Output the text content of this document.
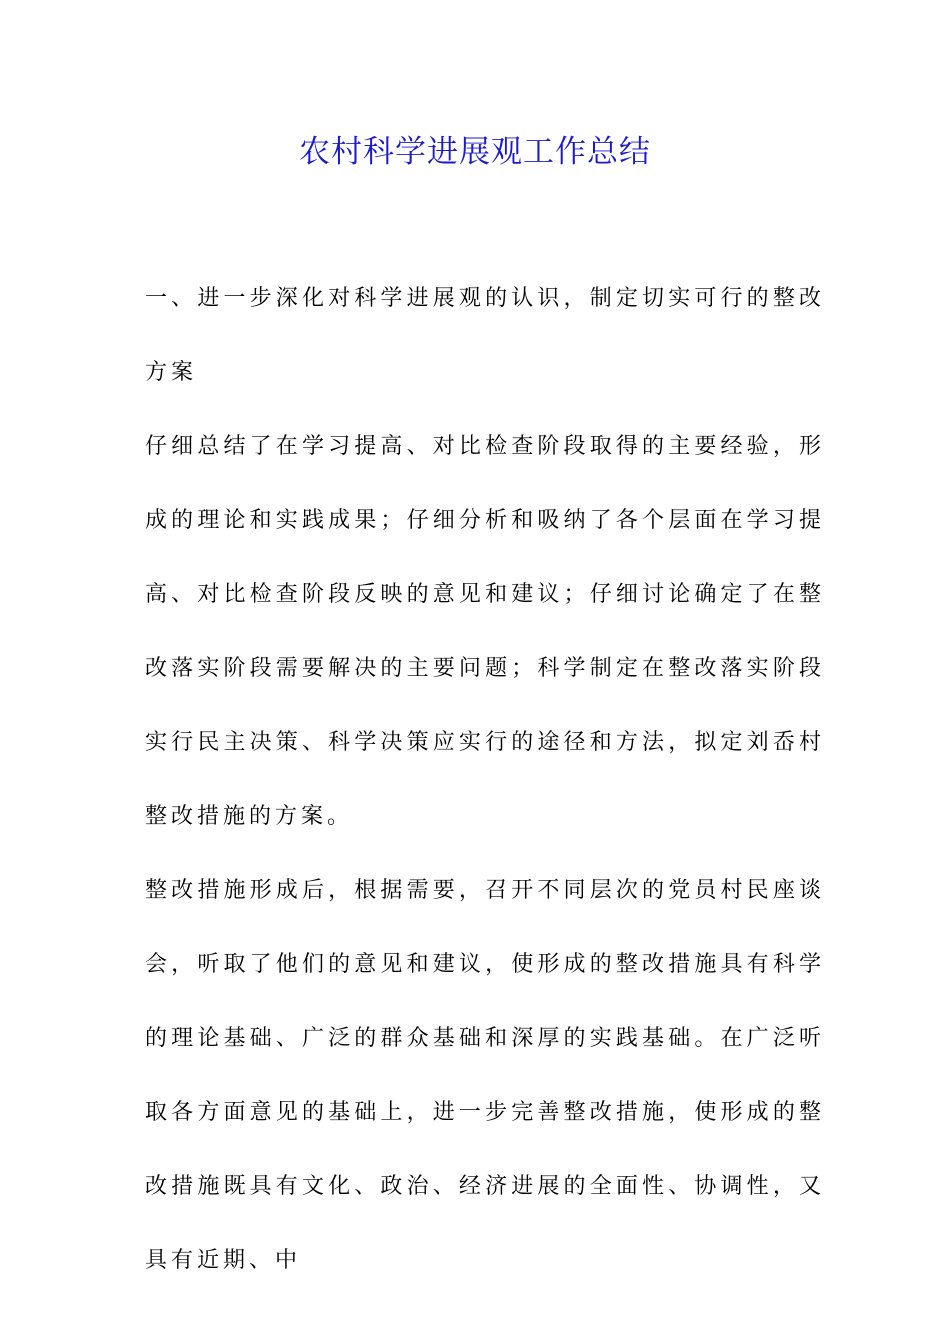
农村科学进展观工作总结

一、进一步深化对科学进展观的认识，制定切实可行的整改方案

仔细总结了在学习提高、对比检查阶段取得的主要经验，形成的理论和实践成果；仔细分析和吸纳了各个层面在学习提高、对比检查阶段反映的意见和建议；仔细讨论确定了在整改落实阶段需要解决的主要问题；科学制定在整改落实阶段实行民主决策、科学决策应实行的途径和方法，拟定刘岙村整改措施的方案。

整改措施形成后，根据需要，召开不同层次的党员村民座谈会，听取了他们的意见和建议，使形成的整改措施具有科学的理论基础、广泛的群众基础和深厚的实践基础。在广泛听取各方面意见的基础上，进一步完善整改措施，使形成的整改措施既具有文化、政治、经济进展的全面性、协调性，又具有近期、中
